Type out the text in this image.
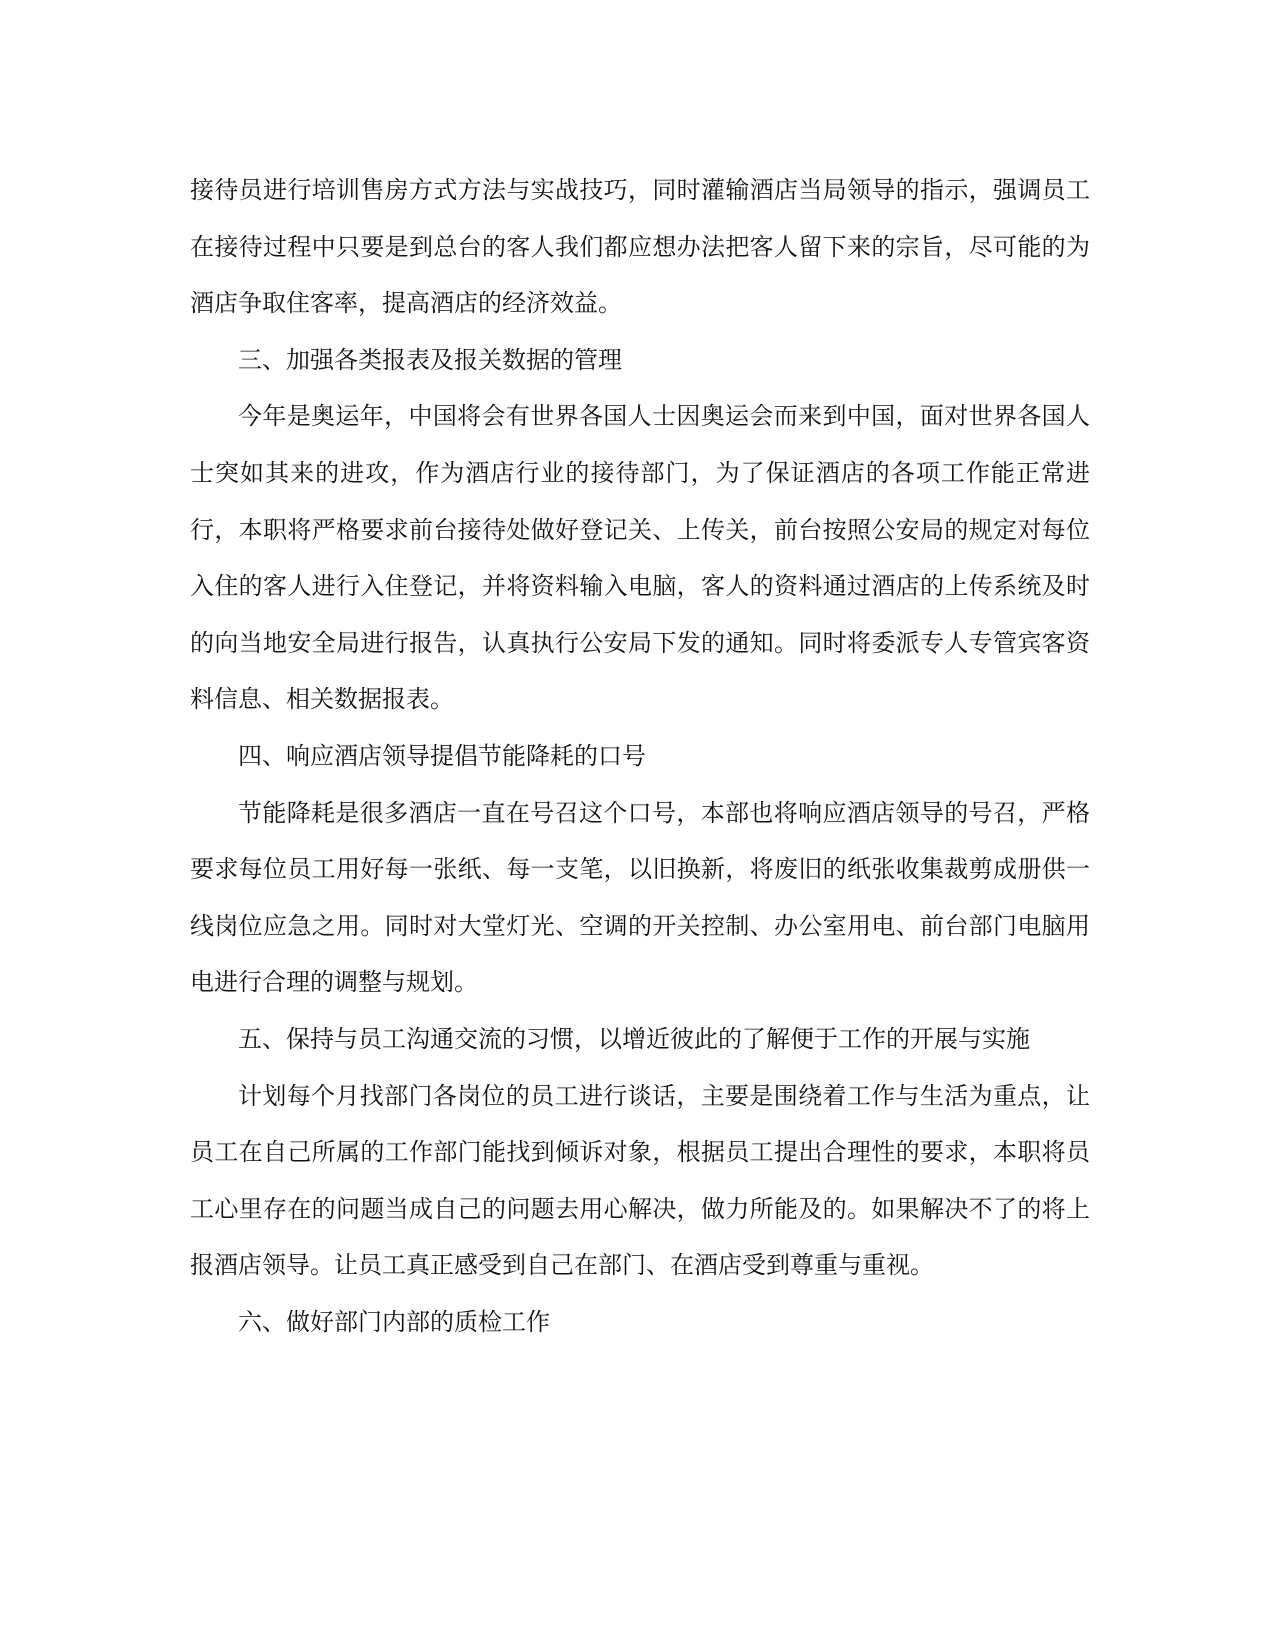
接待员进行培训售房方式方法与实战技巧，同时灌输酒店当局领导的指示，强调员工在接待过程中只要是到总台的客人我们都应想办法把客人留下来的宗旨，尽可能的为酒店争取住客率，提高酒店的经济效益。

三、加强各类报表及报关数据的管理

今年是奥运年，中国将会有世界各国人士因奥运会而来到中国，面对世界各国人士突如其来的进攻，作为酒店行业的接待部门，为了保证酒店的各项工作能正常进行，本职将严格要求前台接待处做好登记关、上传关，前台按照公安局的规定对每位入住的客人进行入住登记，并将资料输入电脑，客人的资料通过酒店的上传系统及时的向当地安全局进行报告，认真执行公安局下发的通知。同时将委派专人专管宾客资料信息、相关数据报表。

四、响应酒店领导提倡节能降耗的口号

节能降耗是很多酒店一直在号召这个口号，本部也将响应酒店领导的号召，严格要求每位员工用好每一张纸、每一支笔，以旧换新，将废旧的纸张收集裁剪成册供一线岗位应急之用。同时对大堂灯光、空调的开关控制、办公室用电、前台部门电脑用电进行合理的调整与规划。

五、保持与员工沟通交流的习惯，以增近彼此的了解便于工作的开展与实施

计划每个月找部门各岗位的员工进行谈话，主要是围绕着工作与生活为重点，让员工在自己所属的工作部门能找到倾诉对象，根据员工提出合理性的要求，本职将员工心里存在的问题当成自己的问题去用心解决，做力所能及的。如果解决不了的将上报酒店领导。让员工真正感受到自己在部门、在酒店受到尊重与重视。

六、做好部门内部的质检工作
